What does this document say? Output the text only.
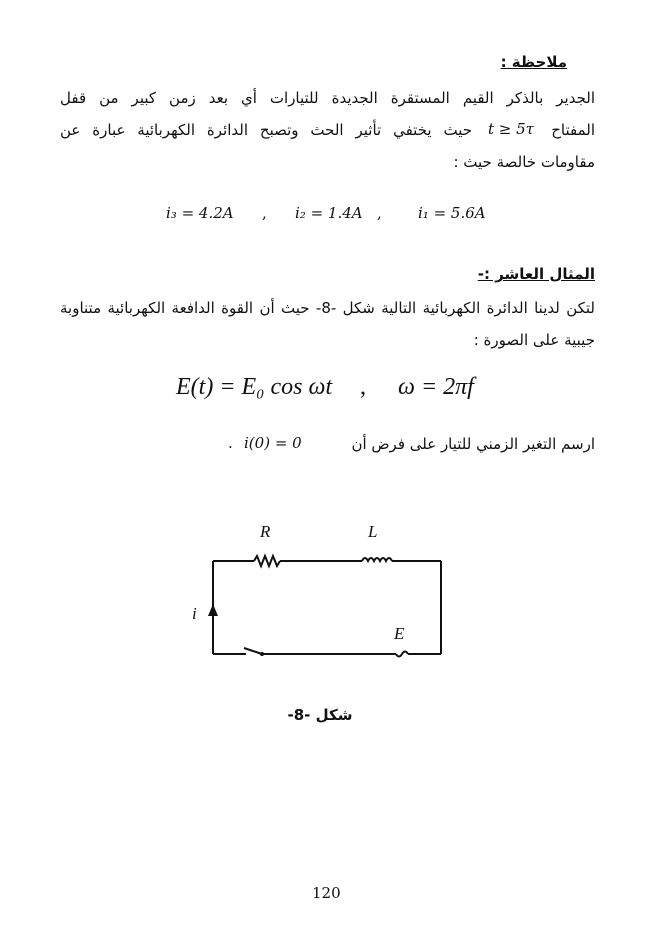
ملاحظة :
الجدير بالذكر القيم المستقرة الجديدة للتيارات أي بعد زمن كبير من قفل
المفتاح
t ≥ 5τ
حيث يختفي تأثير الحث وتصبح الدائرة الكهربائية عبارة عن
مقاومات خالصة حيث :
i₃ = 4.2A , i₂ = 1.4A , i₁ = 5.6A
المثال العاشر :-
لتكن لدينا الدائرة الكهربائية التالية شكل -8- حيث أن القوة الدافعة الكهربائية متناوبة
جيبية على الصورة :
E(t) = E₀ cos ωt , ω = 2πf
ارسم التغير الزمني للتيار على فرض أن
i(0) = 0
.
R	L
i
E
شكل -8-
120
